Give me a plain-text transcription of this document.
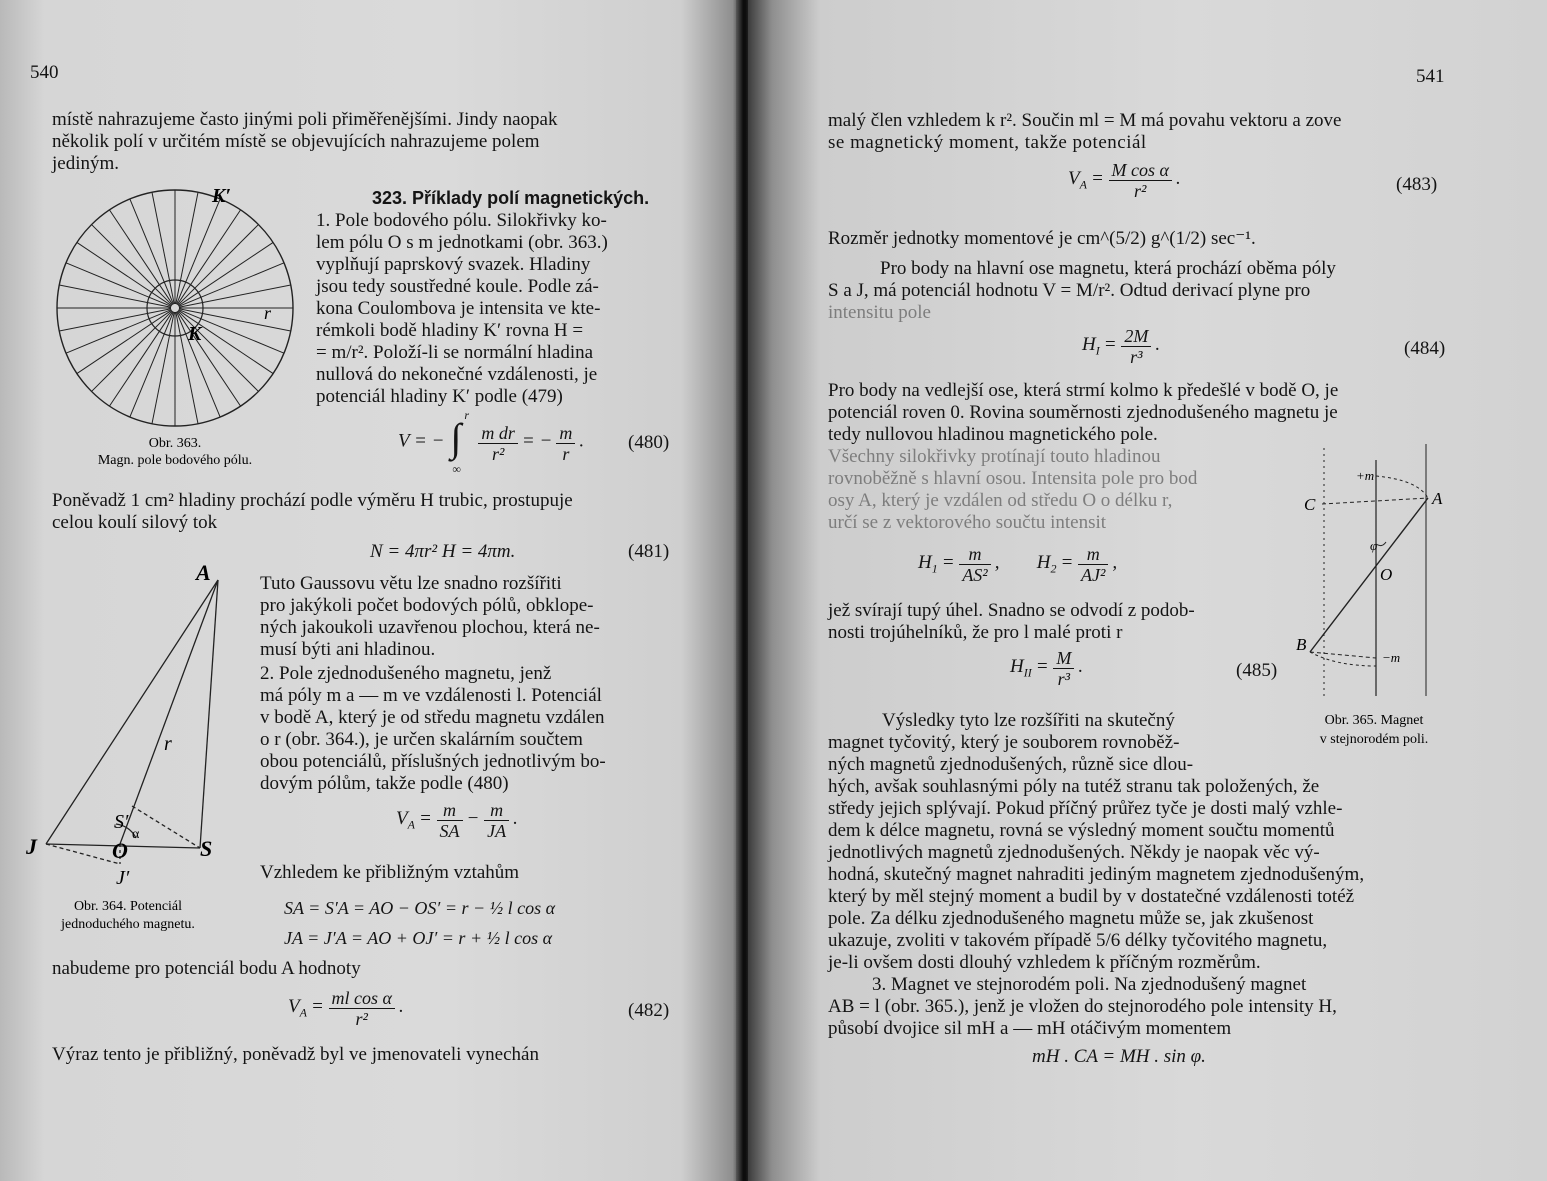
540
místě nahrazujeme často jinými poli přiměřenějšími. Jindy naopak
několik polí v určitém místě se objevujících nahrazujeme polem
jediným.
K′
K
r
Obr. 363.
Magn. pole bodového pólu.
323. Příklady polí magnetických.
1. Pole bodového pólu. Silokřivky ko-
lem pólu O s m jednotkami (obr. 363.)
vyplňují paprskový svazek. Hladiny
jsou tedy soustředné koule. Podle zá-
kona Coulombova je intensita ve kte-
rémkoli bodě hladiny K′ rovna H =
= m/r². Položí-li se normální hladina
nullová do nekonečné vzdálenosti, je
potenciál hladiny K′ podle (479)
V = − ∫ r
∞

$\frac{\text{m dr}}{\text{r²}}$ = − $\frac{m}{r}$ . (480)
Poněvadž 1 cm² hladiny prochází podle výměru H trubic, prostupuje
celou koulí silový tok
N = 4πr² H = 4πm.	(481)
A
J	S
S′
O
J′
r
α
Obr. 364. Potenciál
jednoduchého magnetu.
Tuto Gaussovu větu lze snadno rozšířiti
pro jakýkoli počet bodových pólů, obklope-
ných jakoukoli uzavřenou plochou, která ne-
musí býti ani hladinou.
2. Pole zjednodušeného magnetu, jenž
má póly m a — m ve vzdálenosti l. Potenciál
v bodě A, který je od středu magnetu vzdálen
o r (obr. 364.), je určen skalárním součtem
obou potenciálů, příslušných jednotlivým bo-
dovým pólům, takže podle (480)
$V_A = \frac{m}{SA} - \frac{m}{JA}$ .
Vzhledem ke přibližným vztahům
SA = S′A = AO − OS′ = r − ½ l cos α
JA = J′A = AO + OJ′ = r + ½ l cos α
nabudeme pro potenciál bodu A hodnoty
$V_A = \frac{\text{ml cos α}}{\text{r²}}$ .	(482)
Výraz tento je přibližný, poněvadž byl ve jmenovateli vynechán
541
malý člen vzhledem k r². Součin ml = M má povahu vektoru a zove
se magnetický moment, takže potenciál
$V_A = \frac{\text{M cos α}}{\text{r²}}$ .	(483)
Rozměr jednotky momentové je cm^(5/2) g^(1/2) sec⁻¹.
Pro body na hlavní ose magnetu, která prochází oběma póly
S a J, má potenciál hodnotu V = M/r². Odtud derivací plyne pro
intensitu pole
$H_I = \frac{2M}{\text{r³}}$ .	(484)
Pro body na vedlejší ose, která strmí kolmo k předešlé v bodě O, je
potenciál roven 0. Rovina souměrnosti zjednodušeného magnetu je
tedy nullovou hladinou magnetického pole.
Všechny silokřivky protínají touto hladinou
rovnoběžně s hlavní osou. Intensita pole pro bod
osy A, který je vzdálen od středu O o délku r,
určí se z vektorového součtu intensit
$H_1 = \frac{m}{\text{AS²}}$ ,        $H_2 = \frac{m}{\text{AJ²}}$ ,
jež svírají tupý úhel. Snadno se odvodí z podob-
nosti trojúhelníků, že pro l malé proti r
$H_{II} = \frac{M}{\text{r³}}$ .	(485)
+m
−m
A
B
C
O
φ
Obr. 365. Magnet
v stejnorodém poli.
Výsledky tyto lze rozšířiti na skutečný
magnet tyčovitý, který je souborem rovnoběž-
ných magnetů zjednodušených, různě sice dlou-
hých, avšak souhlasnými póly na tutéž stranu tak položených, že
středy jejich splývají. Pokud příčný průřez tyče je dosti malý vzhle-
dem k délce magnetu, rovná se výsledný moment součtu momentů
jednotlivých magnetů zjednodušených. Někdy je naopak věc vý-
hodná, skutečný magnet nahraditi jediným magnetem zjednodušeným,
který by měl stejný moment a budil by v dostatečné vzdálenosti totéž
pole. Za délku zjednodušeného magnetu může se, jak zkušenost
ukazuje, zvoliti v takovém případě 5/6 délky tyčovitého magnetu,
je-li ovšem dosti dlouhý vzhledem k příčným rozměrům.
3. Magnet ve stejnorodém poli. Na zjednodušený magnet
AB = l (obr. 365.), jenž je vložen do stejnorodého pole intensity H,
působí dvojice sil mH a — mH otáčivým momentem
mH . CA = MH . sin φ.
